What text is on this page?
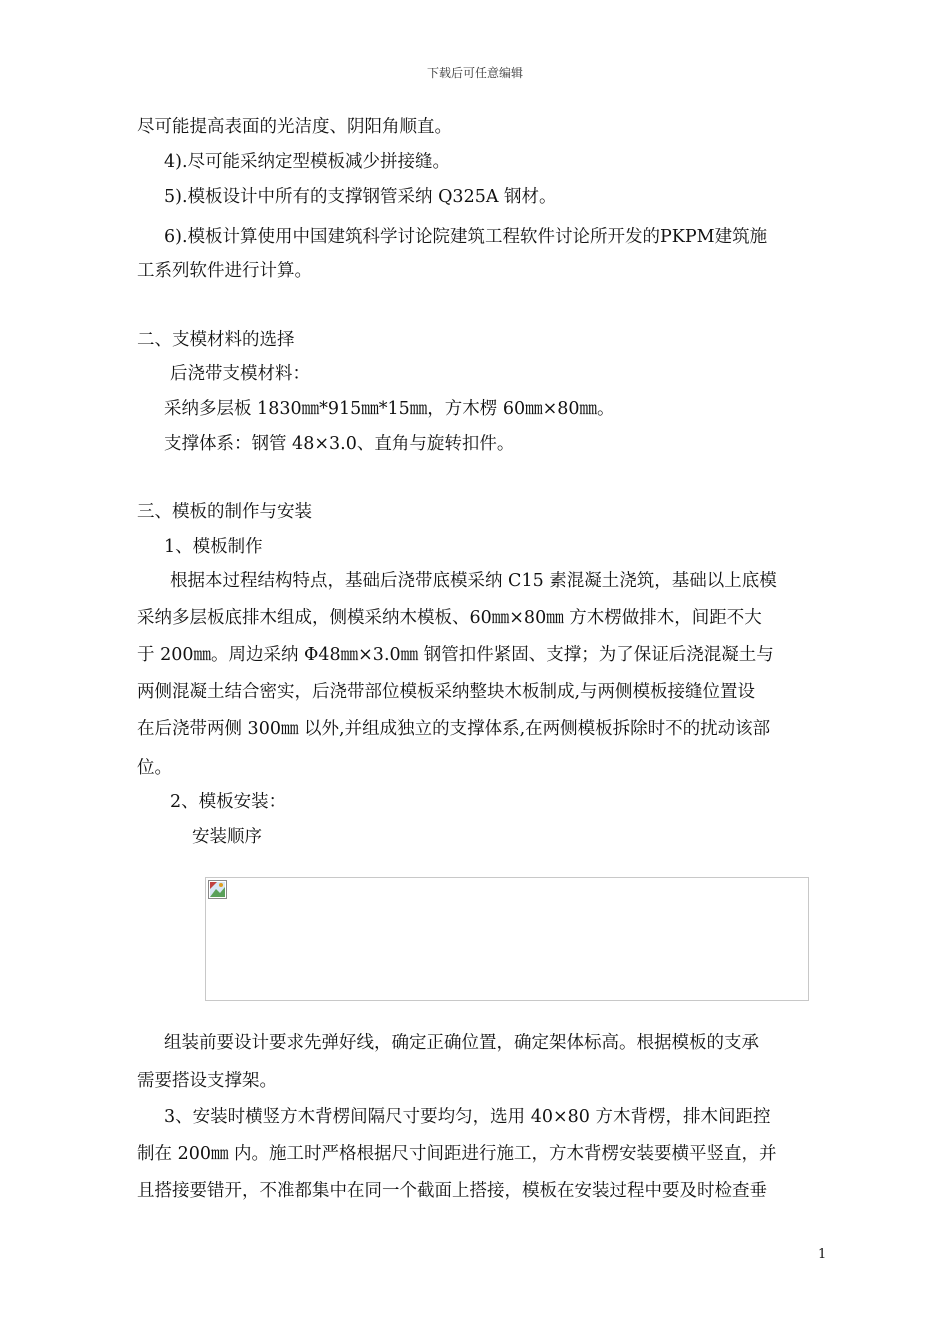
下载后可任意编辑
尽可能提高表面的光洁度、阴阳角顺直。
4).尽可能采纳定型模板减少拼接缝。
5).模板设计中所有的支撑钢管采纳 Q325A 钢材。
6).模板计算使用中国建筑科学讨论院建筑工程软件讨论所开发的PKPM建筑施
工系列软件进行计算。
二、支模材料的选择
后浇带支模材料：
采纳多层板 1830㎜*915㎜*15㎜，方木楞 60㎜×80㎜。
支撑体系：钢管 48×3.0、直角与旋转扣件。
三、模板的制作与安装
1、模板制作
根据本过程结构特点，基础后浇带底模采纳 C15 素混凝土浇筑，基础以上底模
采纳多层板底排木组成，侧模采纳木模板、60㎜×80㎜ 方木楞做排木，间距不大
于 200㎜。周边采纳 Φ48㎜×3.0㎜ 钢管扣件紧固、支撑；为了保证后浇混凝土与
两侧混凝土结合密实，后浇带部位模板采纳整块木板制成,与两侧模板接缝位置设
在后浇带两侧 300㎜ 以外,并组成独立的支撑体系,在两侧模板拆除时不的扰动该部
位。
2、模板安装：
安装顺序
组装前要设计要求先弹好线，确定正确位置，确定架体标高。根据模板的支承
需要搭设支撑架。
3、安装时横竖方木背楞间隔尺寸要均匀，选用 40×80 方木背楞，排木间距控
制在 200㎜ 内。施工时严格根据尺寸间距进行施工，方木背楞安装要横平竖直，并
且搭接要错开，不准都集中在同一个截面上搭接，模板在安装过程中要及时检查垂
1
